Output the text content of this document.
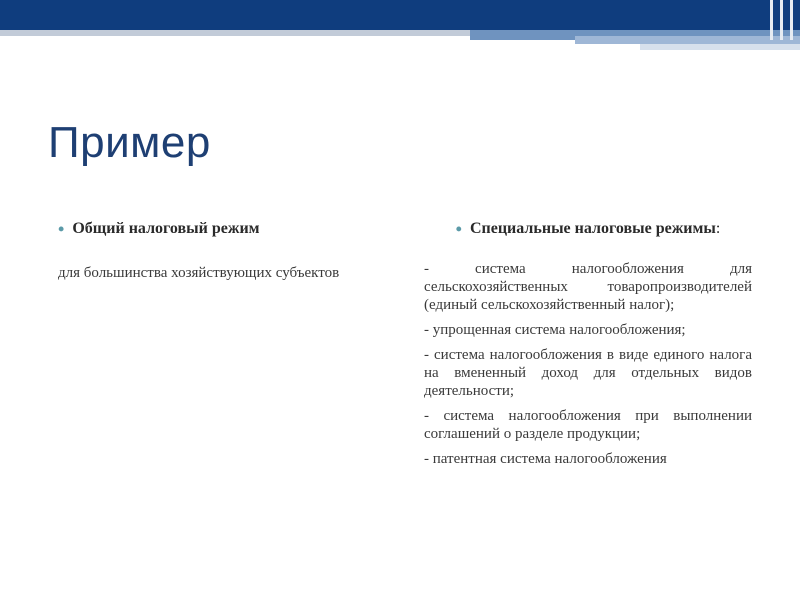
Пример
• Общий налоговый режим
для большинства хозяйствующих субъектов
• Специальные налоговые режимы:
- система налогообложения для сельскохозяйственных товаропроизводителей (единый сельскохозяйственный налог);
- упрощенная система налогообложения;
- система налогообложения в виде единого налога на вмененный доход для отдельных видов деятельности;
- система налогообложения при выполнении соглашений о разделе продукции;
- патентная система налогообложения
